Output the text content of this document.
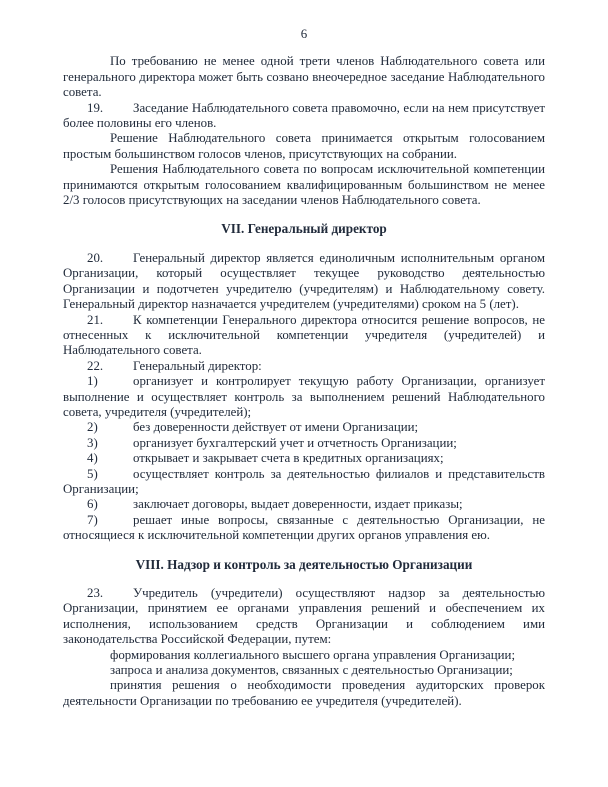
6

По требованию не менее одной трети членов Наблюдательного совета или генерального директора может быть созвано внеочередное заседание Наблюдательного совета.

19. Заседание Наблюдательного совета правомочно, если на нем присутствует более половины его членов.

Решение Наблюдательного совета принимается открытым голосованием простым большинством голосов членов, присутствующих на собрании.

Решения Наблюдательного совета по вопросам исключительной компетенции принимаются открытым голосованием квалифицированным большинством не менее 2/3 голосов присутствующих на заседании членов Наблюдательного совета.

VII. Генеральный директор

20. Генеральный директор является единоличным исполнительным органом Организации, который осуществляет текущее руководство деятельностью Организации и подотчетен учредителю (учредителям) и Наблюдательному совету. Генеральный директор назначается учредителем (учредителями) сроком на 5 (лет).

21. К компетенции Генерального директора относится решение вопросов, не отнесенных к исключительной компетенции учредителя (учредителей) и Наблюдательного совета.

22. Генеральный директор:

1)	организует и контролирует текущую работу Организации, организует выполнение и осуществляет контроль за выполнением решений Наблюдательного совета, учредителя (учредителей);

2)	без доверенности действует от имени Организации;

3)	организует бухгалтерский учет и отчетность Организации;

4)	открывает и закрывает счета в кредитных организациях;

5)	осуществляет контроль за деятельностью филиалов и представительств Организации;

6)	заключает договоры, выдает доверенности, издает приказы;

7)	решает иные вопросы, связанные с деятельностью Организации, не относящиеся к исключительной компетенции других органов управления ею.

VIII. Надзор и контроль за деятельностью Организации

23. Учредитель (учредители) осуществляют надзор за деятельностью Организации, принятием ее органами управления решений и обеспечением их исполнения, использованием средств Организации и соблюдением ими законодательства Российской Федерации, путем:

формирования коллегиального высшего органа управления Организации;

запроса и анализа документов, связанных с деятельностью Организации;

принятия решения о необходимости проведения аудиторских проверок деятельности Организации по требованию ее учредителя (учредителей).
